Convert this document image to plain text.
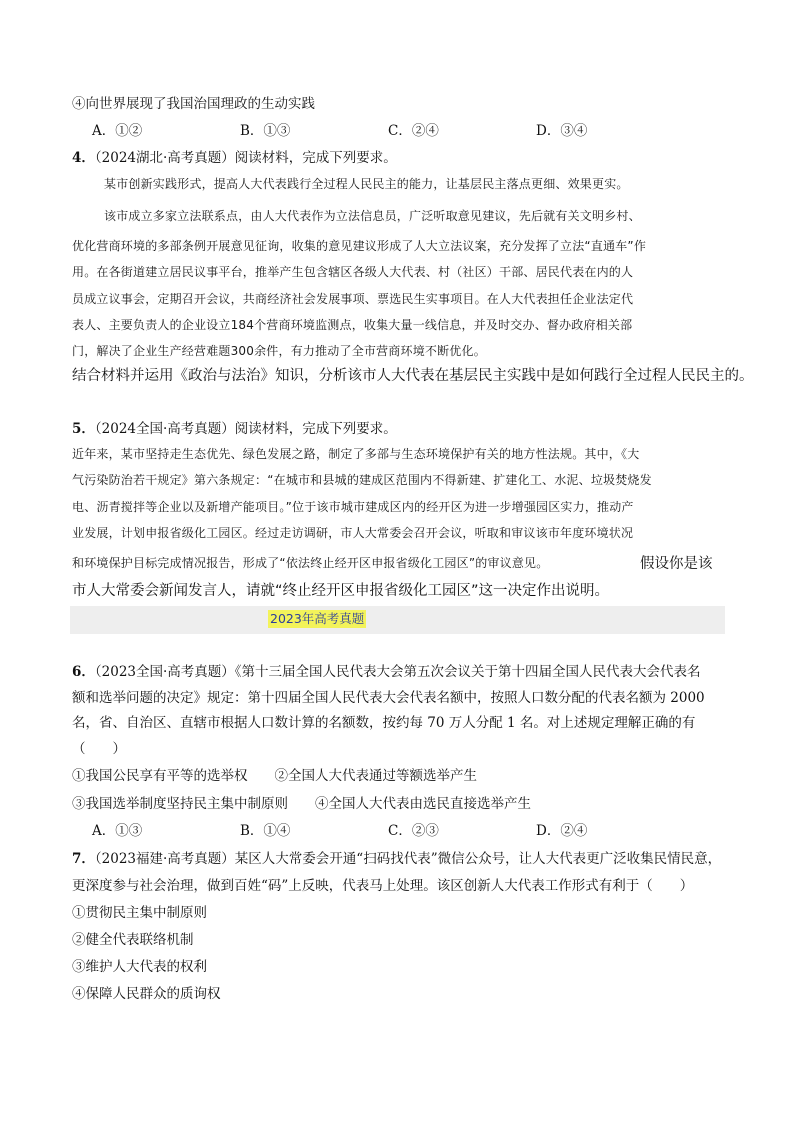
④向世界展现了我国治国理政的生动实践
A．①②	B．①③	C．②④	D．③④
4．（2024湖北·高考真题）阅读材料，完成下列要求。
某市创新实践形式，提高人大代表践行全过程人民民主的能力，让基层民主落点更细、效果更实。
该市成立多家立法联系点，由人大代表作为立法信息员，广泛听取意见建议，先后就有关文明乡村、
优化营商环境的多部条例开展意见征询，收集的意见建议形成了人大立法议案，充分发挥了立法“直通车”作
用。在各街道建立居民议事平台，推举产生包含辖区各级人大代表、村（社区）干部、居民代表在内的人
员成立议事会，定期召开会议，共商经济社会发展事项、票选民生实事项目。在人大代表担任企业法定代
表人、主要负责人的企业设立184个营商环境监测点，收集大量一线信息，并及时交办、督办政府相关部
门，解决了企业生产经营难题300余件，有力推动了全市营商环境不断优化。
结合材料并运用《政治与法治》知识，分析该市人大代表在基层民主实践中是如何践行全过程人民民主的。
5．（2024全国·高考真题）阅读材料，完成下列要求。
近年来，某市坚持走生态优先、绿色发展之路，制定了多部与生态环境保护有关的地方性法规。其中，《大
气污染防治若干规定》第六条规定：“在城市和县城的建成区范围内不得新建、扩建化工、水泥、垃圾焚烧发
电、沥青搅拌等企业以及新增产能项目。”位于该市城市建成区内的经开区为进一步增强园区实力，推动产
业发展，计划申报省级化工园区。经过走访调研，市人大常委会召开会议，听取和审议该市年度环境状况
和环境保护目标完成情况报告，形成了“依法终止经开区申报省级化工园区”的审议意见。	假设你是该
市人大常委会新闻发言人，请就“终止经开区申报省级化工园区”这一决定作出说明。
2023年高考真题
6．（2023全国·高考真题）《第十三届全国人民代表大会第五次会议关于第十四届全国人民代表大会代表名
额和选举问题的决定》规定：第十四届全国人民代表大会代表名额中，按照人口数分配的代表名额为 2000
名，省、自治区、直辖市根据人口数计算的名额数，按约每 70 万人分配 1 名。对上述规定理解正确的有
（　　）
①我国公民享有平等的选举权　　②全国人大代表通过等额选举产生
③我国选举制度坚持民主集中制原则　　④全国人大代表由选民直接选举产生
A．①③	B．①④	C．②③	D．②④
7．（2023福建·高考真题）某区人大常委会开通“扫码找代表”微信公众号，让人大代表更广泛收集民情民意，
更深度参与社会治理，做到百姓“码”上反映，代表马上处理。该区创新人大代表工作形式有利于（　　）
①贯彻民主集中制原则
②健全代表联络机制
③维护人大代表的权利
④保障人民群众的质询权
